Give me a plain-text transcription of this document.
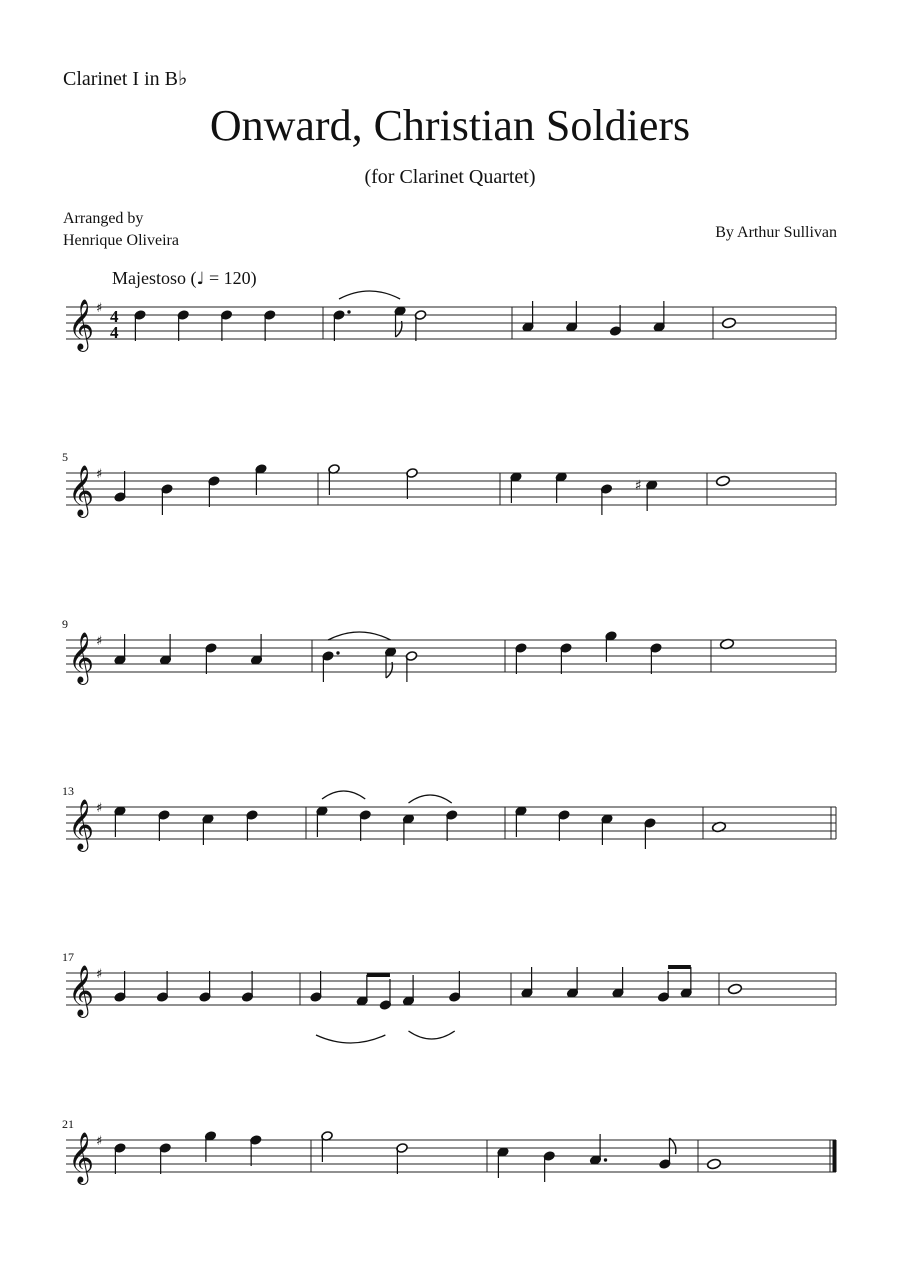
Clarinet I in B♭
Onward, Christian Soldiers
(for Clarinet Quartet)
Arranged by
Henrique Oliveira	By Arthur Sullivan
Majestoso (♩ = 120)
𝄞 ♯ 4
4
𝄞 ♯
5
♯
𝄞 ♯
9
𝄞 ♯
13
𝄞 ♯
17
𝄞 ♯
21
